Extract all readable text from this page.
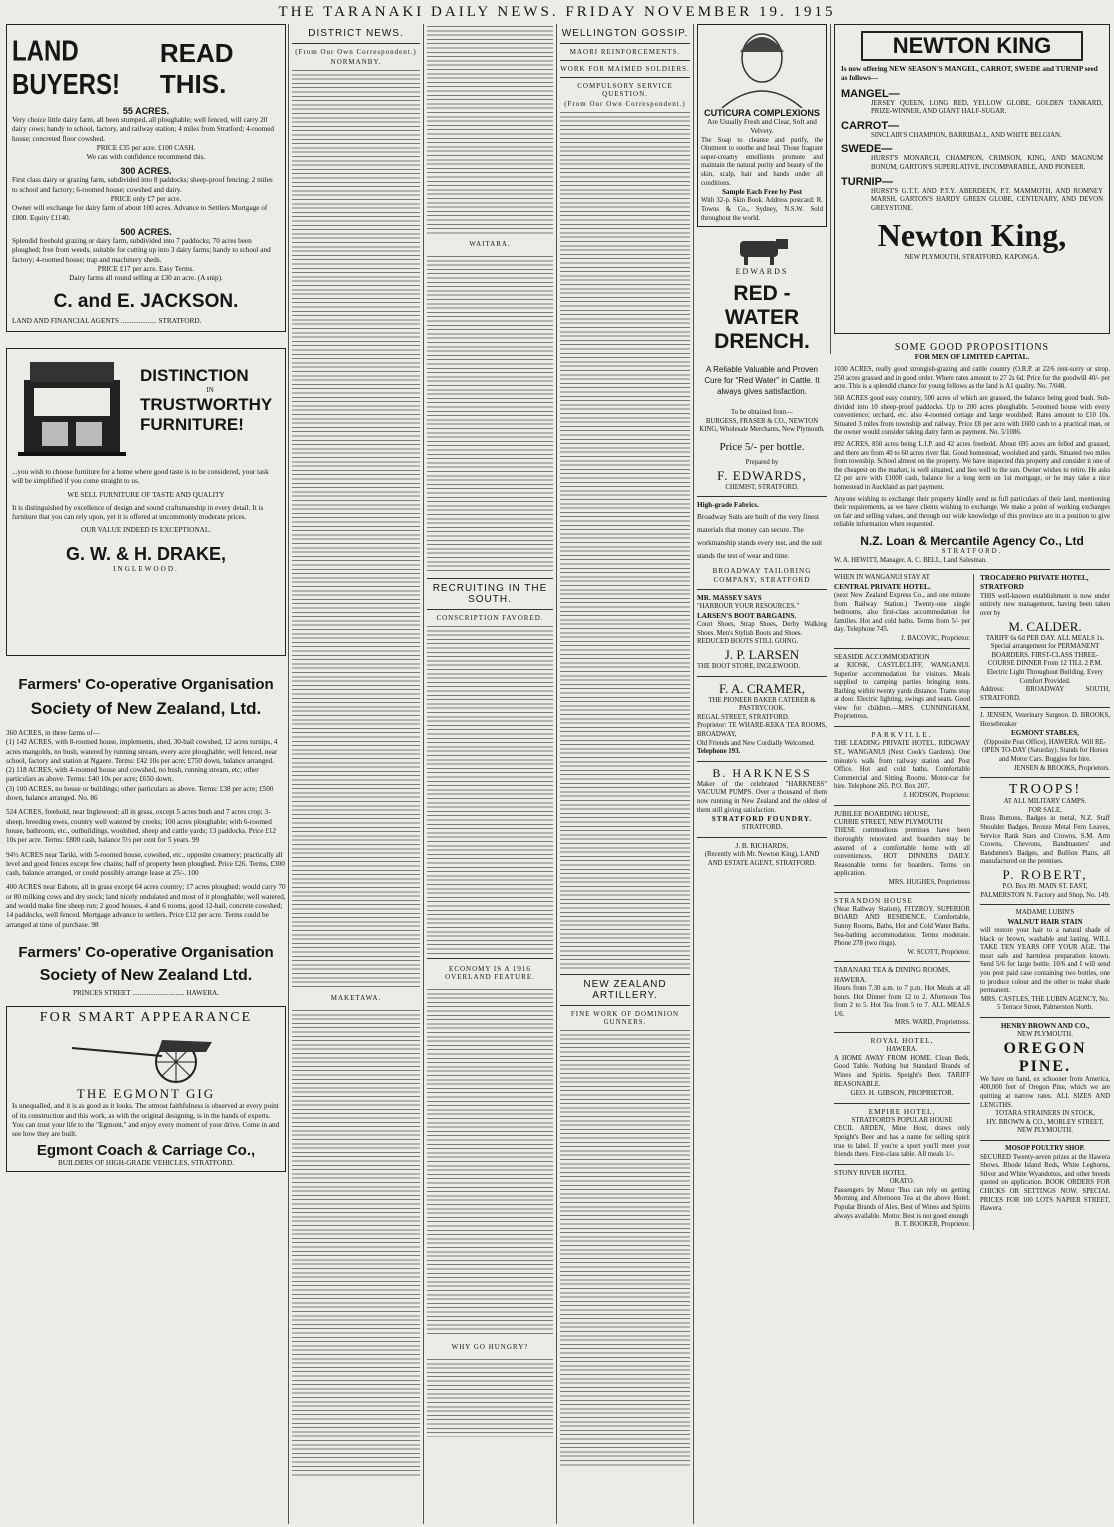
THE TARANAKI DAILY NEWS. FRIDAY NOVEMBER 19. 1915
LAND BUYERS!
READ THIS.
55 ACRES.
Very choice little dairy farm, all been stumped, all ploughable; well fenced, will carry 20 dairy cows; handy to school, factory, and railway station; 4 miles from Stratford; 4-roomed house; concreted floor cowshed.
PRICE £35 per acre. £100 CASH.
We can with confidence recommend this.
300 ACRES.
First class dairy or grazing farm, subdivided into 8 paddocks; sheep-proof fencing; 2 miles to school and factory; 6-roomed house; cowshed and dairy.
PRICE only £7 per acre.
Owner will exchange for dairy farm of about 100 acres. Advance to Settlers Mortgage of £800. Equity £1140.
500 ACRES.
Splendid freehold grazing or dairy farm, subdivided into 7 paddocks; 70 acres been ploughed; free from weeds, suitable for cutting up into 3 dairy farms; handy to school and factory; 4-roomed house; trap and machinery sheds.
PRICE £17 per acre. Easy Terms.
Dairy farms all round selling at £30 an acre. (A snip).
C. and E. JACKSON.
LAND AND FINANCIAL AGENTS .................... STRATFORD.
DISTINCTION
IN
TRUSTWORTHY
FURNITURE!
...you wish to choose furniture for a home where good taste is to be considered, your task will be simplified if you come straight to us.
WE SELL FURNITURE OF TASTE AND QUALITY
It is distinguished by excellence of design and sound craftsmanship in every detail. It is furniture that you can rely upon, yet it is offered at uncommonly moderate prices.
OUR VALUE INDEED IS EXCEPTIONAL.
G. W. & H. DRAKE,
INGLEWOOD.
Farmers' Co-operative Organisation
Society of New Zealand, Ltd.
360 ACRES, in three farms of—
(1) 142 ACRES, with 8-roomed house, implements, shed, 30-bail cowshed, 12 acres turnips, 4 acres mangolds, no bush, watered by running stream, every acre ploughable; well fenced, near school, factory and station at Ngaere. Terms: £42 10s per acre; £750 down, balance arranged.
(2) 118 ACRES, with 4-roomed house and cowshed, no bush, running stream, etc; other particulars as above. Terms: £40 10s per acre; £650 down.
(3) 100 ACRES, no house or buildings; other particulars as above. Terms: £38 per acre; £500 down, balance arranged. No. 86
524 ACRES, freehold, near Inglewood; all in grass, except 5 acres bush and 7 acres crop; 3-sheep, breeding ewes, country well watered by creeks; 100 acres ploughable; with 6-roomed house, bathroom, etc., outbuildings, woolshed, sheep and cattle yards; 13 paddocks. Price £12 10s per acre. Terms: £800 cash, balance 5½ per cent for 5 years. 99
94½ ACRES near Tariki, with 5-roomed house, cowshed, etc., opposite creamery; practically all level and good fences except few chains; half of property been ploughed. Price £26. Terms, £300 cash, balance arranged, or could possibly arrange lease at 25/-. 100
400 ACRES near Eahotu, all in grass except 64 acres country; 17 acres ploughed; would carry 70 or 80 milking cows and dry stock; land nicely undulated and most of it ploughable; well watered, and would make fine sheep run; 2 good houses, 4 and 6 rooms, good 12-bail, concrete cowshed; 14 paddocks, well fenced. Mortgage advance to settlers. Price £12 per acre. Terms could be arranged at time of purchase. 98
Farmers' Co-operative Organisation
Society of New Zealand Ltd.
PRINCES STREET ............................. HAWERA.
FOR SMART APPEARANCE
THE EGMONT GIG
Is unequalled, and it is as good as it looks. The utmost faithfulness is observed at every point of its construction and this work, as with the original designing, is in the hands of experts. You can trust your life to the "Egmont," and enjoy every moment of your drive. Come in and see how they are built.
Egmont Coach & Carriage Co.,
BUILDERS OF HIGH-GRADE VEHICLES, STRATFORD.
DISTRICT NEWS.
(From Our Own Correspondent.)
NORMANBY.
MAKETAWA.
WAITARA.
RECRUITING IN THE SOUTH.
CONSCRIPTION FAVORED.
ECONOMY IS A 1916 OVERLAND FEATURE.
WHY GO HUNGRY?
WELLINGTON GOSSIP.
MAORI REINFORCEMENTS.
WORK FOR MAIMED SOLDIERS.
COMPULSORY SERVICE QUESTION.
(From Our Own Correspondent.)
NEW ZEALAND ARTILLERY.
FINE WORK OF DOMINION GUNNERS.
CUTICURA COMPLEXIONS
Are Usually Fresh and Clear, Soft and Velvety.
The Soap to cleanse and purify, the Ointment to soothe and heal. Those fragrant super-creamy emollients promote and maintain the natural purity and beauty of the skin, scalp, hair and hands under all conditions.
Sample Each Free by Post
With 32-p. Skin Book. Address postcard: R. Towns & Co., Sydney, N.S.W. Sold throughout the world.
EDWARDS
RED - WATER
DRENCH.
A Reliable Valuable and Proven Cure for "Red Water" in Cattle. It always gives satisfaction.
To be obtained from—
BURGESS, FRASER & CO., NEWTON KING, Wholesale Merchants, New Plymouth.
Price 5/- per bottle.
Prepared by
F. EDWARDS,
CHEMIST, STRATFORD.
High-grade Fabrics.
Broadway Suits are built of the very finest materials that money can secure. The workmanship stands every test, and the suit stands the test of wear and time.
BROADWAY TAILORING COMPANY, STRATFORD
MR. MASSEY SAYS
"HARBOUR YOUR RESOURCES."
LARSEN'S BOOT BARGAINS.
Court Shoes, Strap Shoes, Derby Walking Shoes. Men's Stylish Boots and Shoes.
REDUCED BOOTS STILL GOING.
J. P. LARSEN
THE BOOT STORE, INGLEWOOD.
F. A. CRAMER,
THE PIONEER BAKER CATERER & PASTRYCOOK.
REGAL STREET, STRATFORD.
Proprietor: TE WHARE-KEKA TEA ROOMS, BROADWAY,
Old Friends and New Cordially Welcomed.
Telephone 193.
B. HARKNESS
Maker of the celebrated "HARKNESS" VACUUM PUMPS. Over a thousand of them now running in New Zealand and the oldest of them still giving satisfaction.
STRATFORD FOUNDRY.
STRATFORD.
J. B. RICHARDS,
(Recently with Mr. Newton King), LAND AND ESTATE AGENT, STRATFORD.
NEWTON KING
Is now offering NEW SEASON'S MANGEL, CARROT, SWEDE and TURNIP seed as follows—
MANGEL—
JERSEY QUEEN, LONG RED, YELLOW GLOBE, GOLDEN TANKARD, PRIZE-WINNER, AND GIANT HALF-SUGAR.
CARROT—
SINCLAIR'S CHAMPION, BARRIBALL, AND WHITE BELGIAN.
SWEDE—
HURST'S MONARCH, CHAMPION, CRIMSON, KING, AND MAGNUM BONUM, GARTON'S SUPERLATIVE, INCOMPARABLE, AND PIONEER.
TURNIP—
HURST'S G.T.T. AND P.T.Y. ABERDEEN, P.T. MAMMOTH, AND ROMNEY MARSH, GARTON'S HARDY GREEN GLOBE, CENTENARY, AND DEVON GREYSTONE.
Newton King,
NEW PLYMOUTH, STRATFORD, KAPONGA.
SOME GOOD PROPOSITIONS
FOR MEN OF LIMITED CAPITAL.
1030 ACRES, really good strongish-grazing and cattle country (O.R.P. at 22/6 rent-sorry or strop. 250 acres grassed and in good order. Where rates amount to 27 2s 6d. Price for the goodwill 40/- per acre. This is a splendid chance for young fellows as the land is A1 quality. No. 7/048.
560 ACRES good easy country, 500 acres of which are grassed, the balance being good bush. Sub-divided into 10 sheep-proof paddocks. Up to 200 acres ploughable. 5-roomed house with every convenience; orchard, etc. also 4-roomed cottage and large woolshed. Rates amount to £10 10s. Situated 3 miles from township and railway. Price £8 per acre with £600 cash to a practical man, or the owner would consider taking dairy farm as payment. No. 5/1086.
892 ACRES, 850 acres being L.I.P. and 42 acres freehold. About 695 acres are felled and grassed, and there are from 40 to 60 acres river flat. Good homestead, woolshed and yards. Situated two miles from township. School almost on the property. We have inspected this property and consider it one of the cheapest on the market, is well situated, and lies well to the sun. Owner wishes to retire. He asks £2 per acre with £1000 cash, balance for a long term on 1st mortgage, or he may take a nice homestead in Auckland as part payment.
Anyone wishing to exchange their property kindly send us full particulars of their land, mentioning their requirements, as we have clients wishing to exchange. We make a point of working exchanges on fair and selling values, and through our wide knowledge of this province are in a position to give reliable information when requested.
N.Z. Loan & Mercantile Agency Co., Ltd
STRATFORD.
W. A. HEWITT, Manager. A. C. BELL, Land Salesman.
WHEN IN WANGANUI STAY AT
CENTRAL PRIVATE HOTEL.
(next New Zealand Express Co., and one minute from Railway Station.) Twenty-one single bedrooms, also first-class accommodation for families. Hot and cold baths. Terms from 5/- per day. Telephone 745.
J. BACOVIC, Proprietor.
SEASIDE ACCOMMODATION
at KIOSK, CASTLECLIFF, WANGANUI. Superior accommodation for visitors. Meals supplied to camping parties bringing tents. Bathing within twenty yards distance. Trams stop at door. Electric lighting, swings and seats. Good view for children.—MRS. CUNNINGHAM, Proprietress.
PARKVILLE.
THE LEADING PRIVATE HOTEL, RIDGWAY ST., WANGANUI (Next Cook's Gardens). One minute's walk from railway station and Post Office. Hot and cold baths. Comfortable Commercial and Sitting Rooms. Motor-car for hire. Telephone 265. P.O. Box 207.
J. HODSON, Proprietor.
JUBILEE BOARDING HOUSE,
CURRIE STREET, NEW PLYMOUTH
THESE commodious premises have been thoroughly renovated and boarders may be assured of a comfortable home with all conveniences. HOT DINNERS DAILY. Reasonable terms for boarders. Terms on application.
MRS. HUGHES, Proprietress
STRANDON HOUSE
(Near Railway Station), FITZROY. SUPERIOR BOARD AND RESIDENCE. Comfortable, Sunny Rooms, Baths, Hot and Cold Water Baths. Sea-bathing accommodation. Terms moderate. Phone 278 (two rings).
W. SCOTT, Proprietor.
TARANAKI TEA & DINING ROOMS, HAWERA.
Hours from 7.30 a.m. to 7 p.m. Hot Meals at all hours. Hot Dinner from 12 to 2. Afternoon Tea from 2 to 5. Hot Tea from 5 to 7. ALL MEALS 1/6.
MRS. WARD, Proprietress.
ROYAL HOTEL,
HAWERA.
A HOME AWAY FROM HOME. Clean Beds, Good Table. Nothing but Standard Brands of Wines and Spirits. Speight's Beer. TARIFF REASONABLE.
GEO. H. GIBSON, PROPRIETOR.
EMPIRE HOTEL,
STRATFORD'S POPULAR HOUSE
CECIL ARDEN, Mine Host, draws only Speight's Beer and has a name for selling spirit true to label. If you're a sport you'll meet your friends there. First-class table. All meals 1/-.
STONY RIVER HOTEL
OKATO.
Passengers by Motor 'Bus can rely on getting Morning and Afternoon Tea at the above Hotel. Popular Brands of Ales, Best of Wines and Spirits always available. Motto: Best is not good enough
B. T. BOOKER, Proprietor.
TROCADERO PRIVATE HOTEL, STRATFORD
THIS well-known establishment is now under entirely new management, having been taken over by
M. CALDER.
TARIFF 6s 6d PER DAY. ALL MEALS 1s. Special arrangement for PERMANENT BOARDERS. FIRST-CLASS THREE-COURSE DINNER From 12 TILL 2 P.M. Electric Light Throughout Building. Every Comfort Provided.
Address: BROADWAY SOUTH, STRATFORD.
J. JENSEN, Veterinary Surgeon. D. BROOKS, Horsebreaker
EGMONT STABLES,
(Opposite Post Office), HAWERA. Will RE-OPEN TO-DAY (Saturday). Stands for Horses and Motor Cars. Buggies for hire.
JENSEN & BROOKS, Proprietors.
TROOPS!
AT ALL MILITARY CAMPS.
FOR SALE,
Brass Buttons, Badges in metal, N.Z. Staff Shoulder Badges, Bronze Metal Fern Leaves, Service Rank Stars and Crowns, S.M. Arm Crowns, Chevrons, Bandmasters' and Bandsmen's Badges, and Bullion Plaits, all manufactured on the premises.
P. ROBERT,
P.O. Box 89. MAIN ST. EAST, PALMERSTON N. Factory and Shop, No. 149.
MADAME LUBIN'S
WALNUT HAIR STAIN
will restore your hair to a natural shade of black or brown, washable and lasting. WILL TAKE TEN YEARS OFF YOUR AGE. The most safe and harmless preparation known. Send 5/6 for large bottle. 10/6 and I will send you post paid case containing two bottles, one to produce colour and the other to make shade permanent.
MRS. CASTLES, THE LUBIN AGENCY, No. 5 Terrace Street, Palmerston North.
HENRY BROWN AND CO.,
NEW PLYMOUTH.
OREGON PINE.
We have on hand, ex schooner from America, 400,000 feet of Oregon Pine, which we are quitting at narrow rates. ALL SIZES AND LENGTHS.
TOTARA STRAINERS IN STOCK,
HY. BROWN & CO., MORLEY STREET, NEW PLYMOUTH.
MOSOP POULTRY SHOP.
SECURED Twenty-seven prizes at the Hawera Shows. Rhode Island Reds, White Leghorns, Silver and White Wyandottes, and other breeds quoted on application. BOOK ORDERS FOR CHICKS OR SETTINGS NOW. SPECIAL PRICES FOR 100 LOTS NAPIER STREET, Hawera.
